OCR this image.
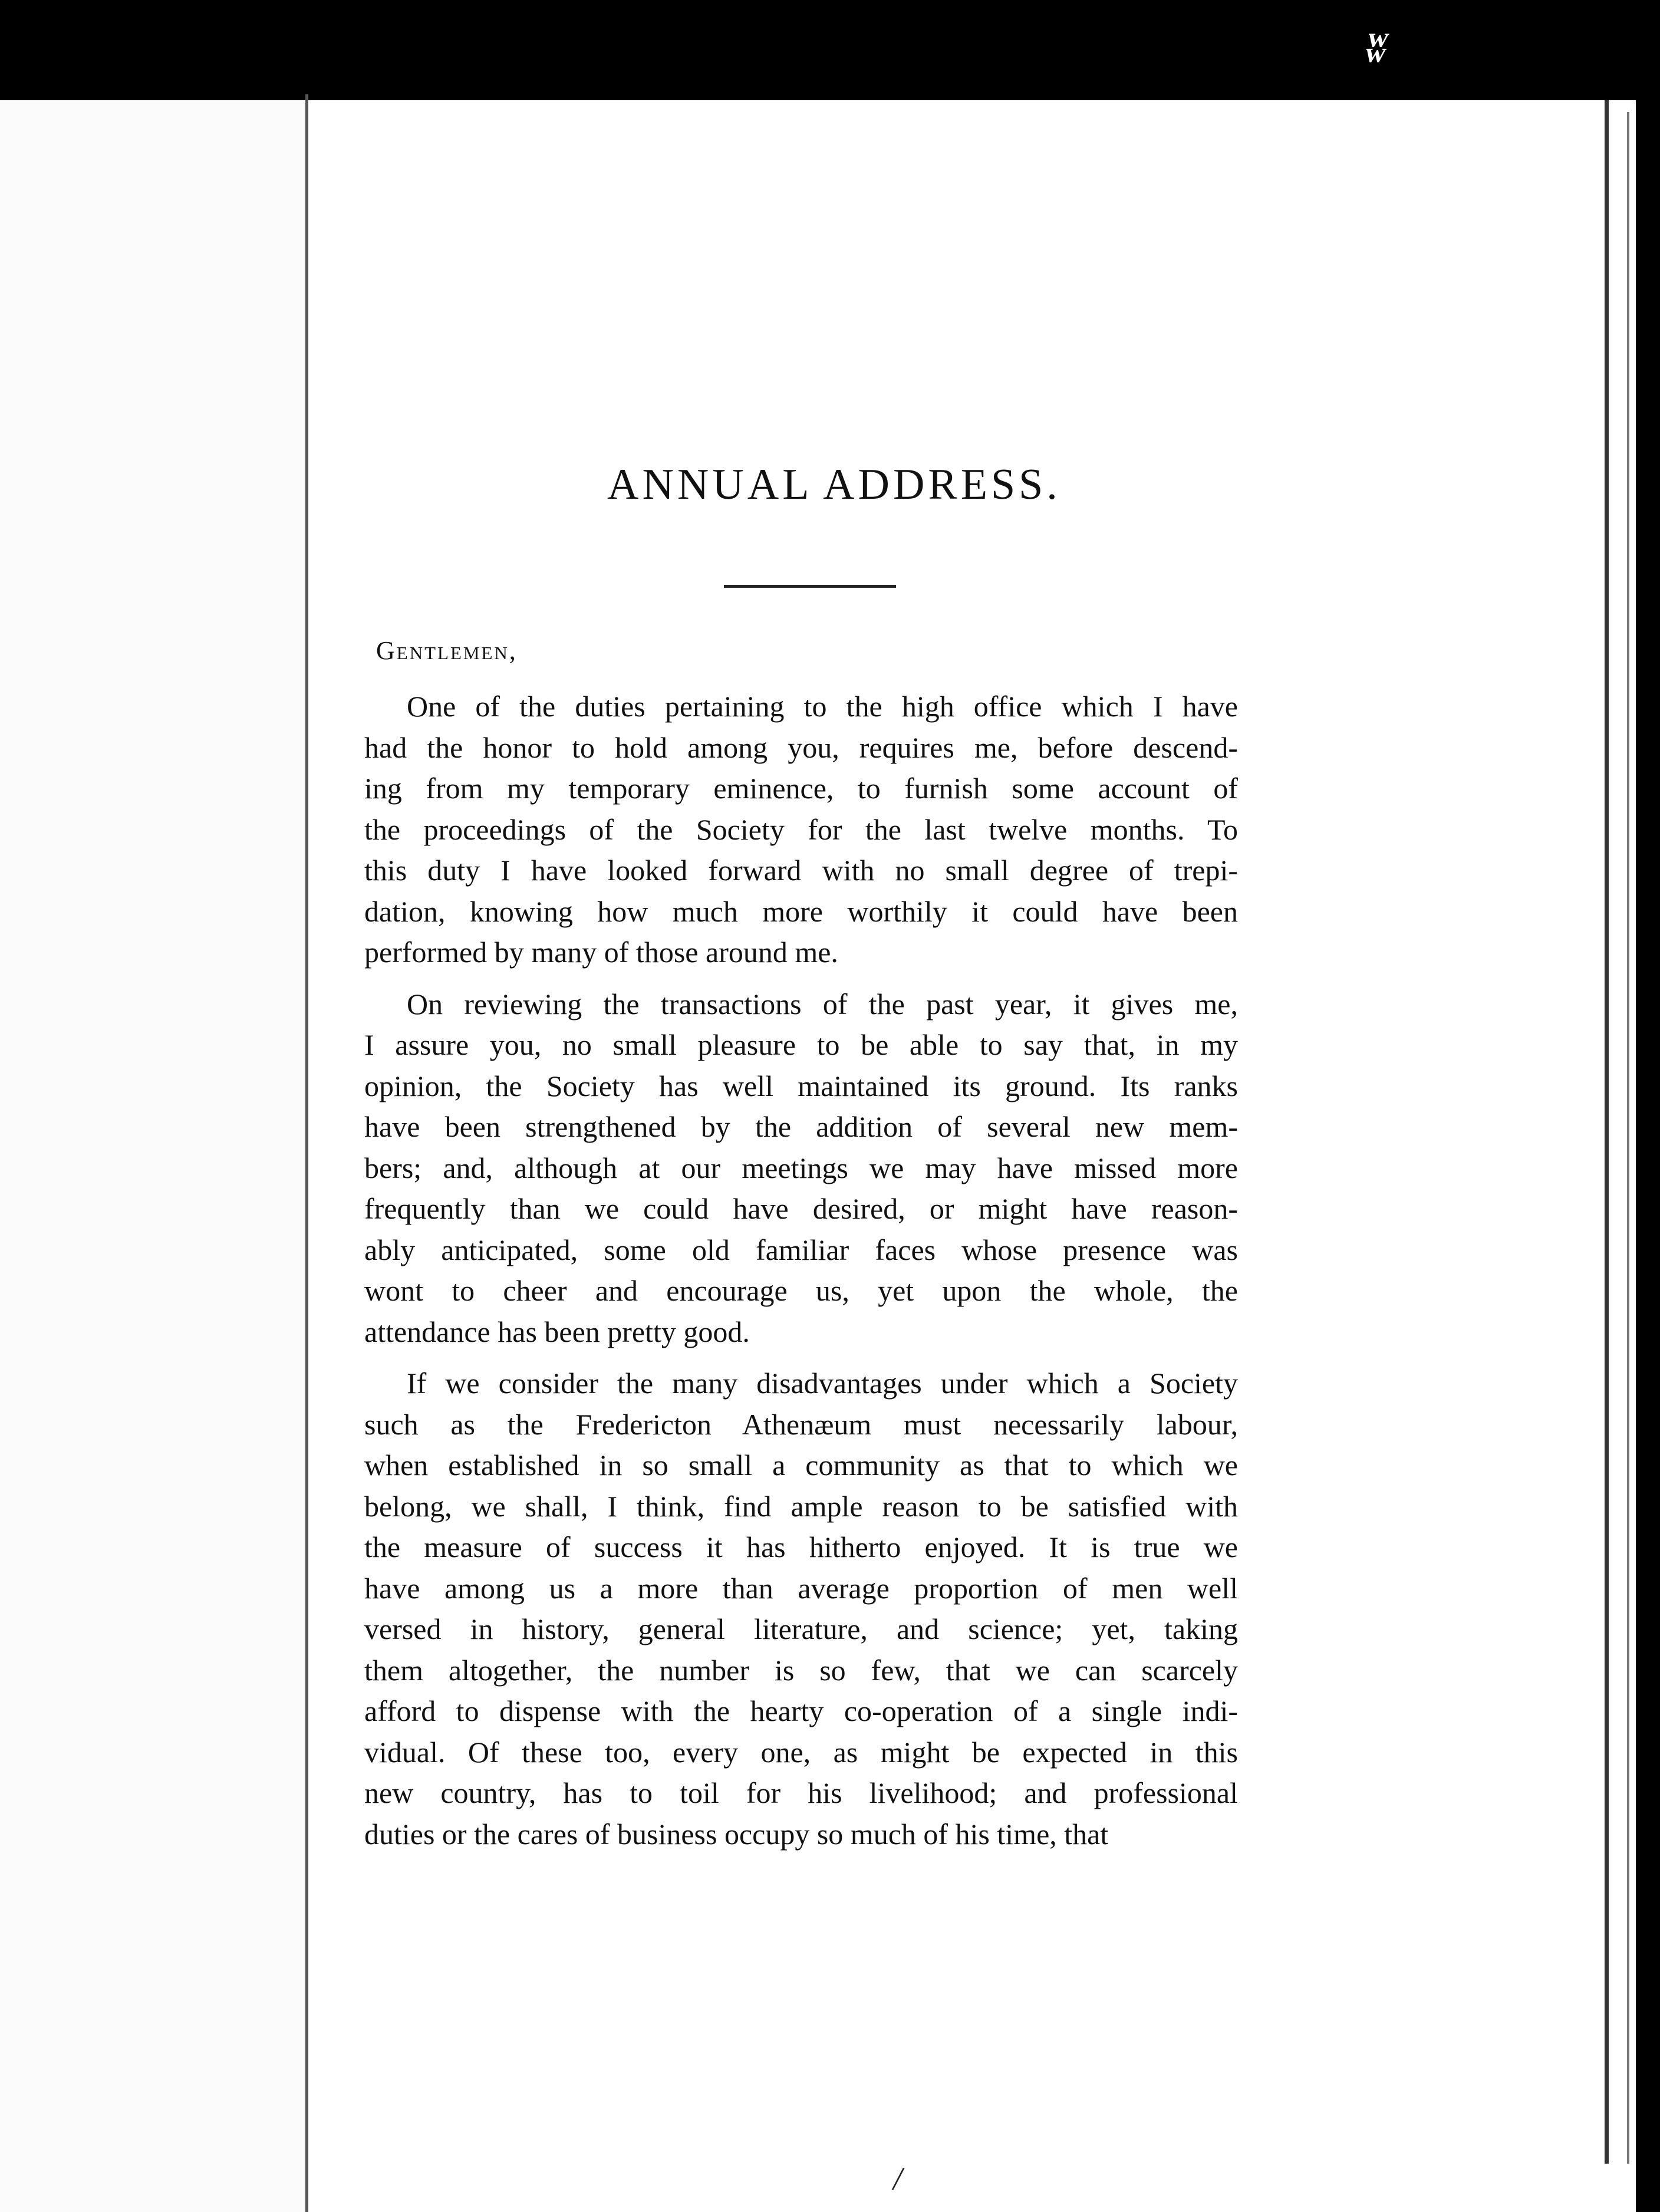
ʬ
/
ANNUAL ADDRESS.
Gentlemen,
One of the duties pertaining to the high office which I have
had the honor to hold among you, requires me, before descend-
ing from my temporary eminence, to furnish some account of
the proceedings of the Society for the last twelve months. To
this duty I have looked forward with no small degree of trepi-
dation, knowing how much more worthily it could have been
performed by many of those around me.
On reviewing the transactions of the past year, it gives me,
I assure you, no small pleasure to be able to say that, in my
opinion, the Society has well maintained its ground. Its ranks
have been strengthened by the addition of several new mem-
bers; and, although at our meetings we may have missed more
frequently than we could have desired, or might have reason-
ably anticipated, some old familiar faces whose presence was
wont to cheer and encourage us, yet upon the whole, the
attendance has been pretty good.
If we consider the many disadvantages under which a Society
such as the Fredericton Athenæum must necessarily labour,
when established in so small a community as that to which we
belong, we shall, I think, find ample reason to be satisfied with
the measure of success it has hitherto enjoyed. It is true we
have among us a more than average proportion of men well
versed in history, general literature, and science; yet, taking
them altogether, the number is so few, that we can scarcely
afford to dispense with the hearty co-operation of a single indi-
vidual. Of these too, every one, as might be expected in this
new country, has to toil for his livelihood; and professional
duties or the cares of business occupy so much of his time, that
